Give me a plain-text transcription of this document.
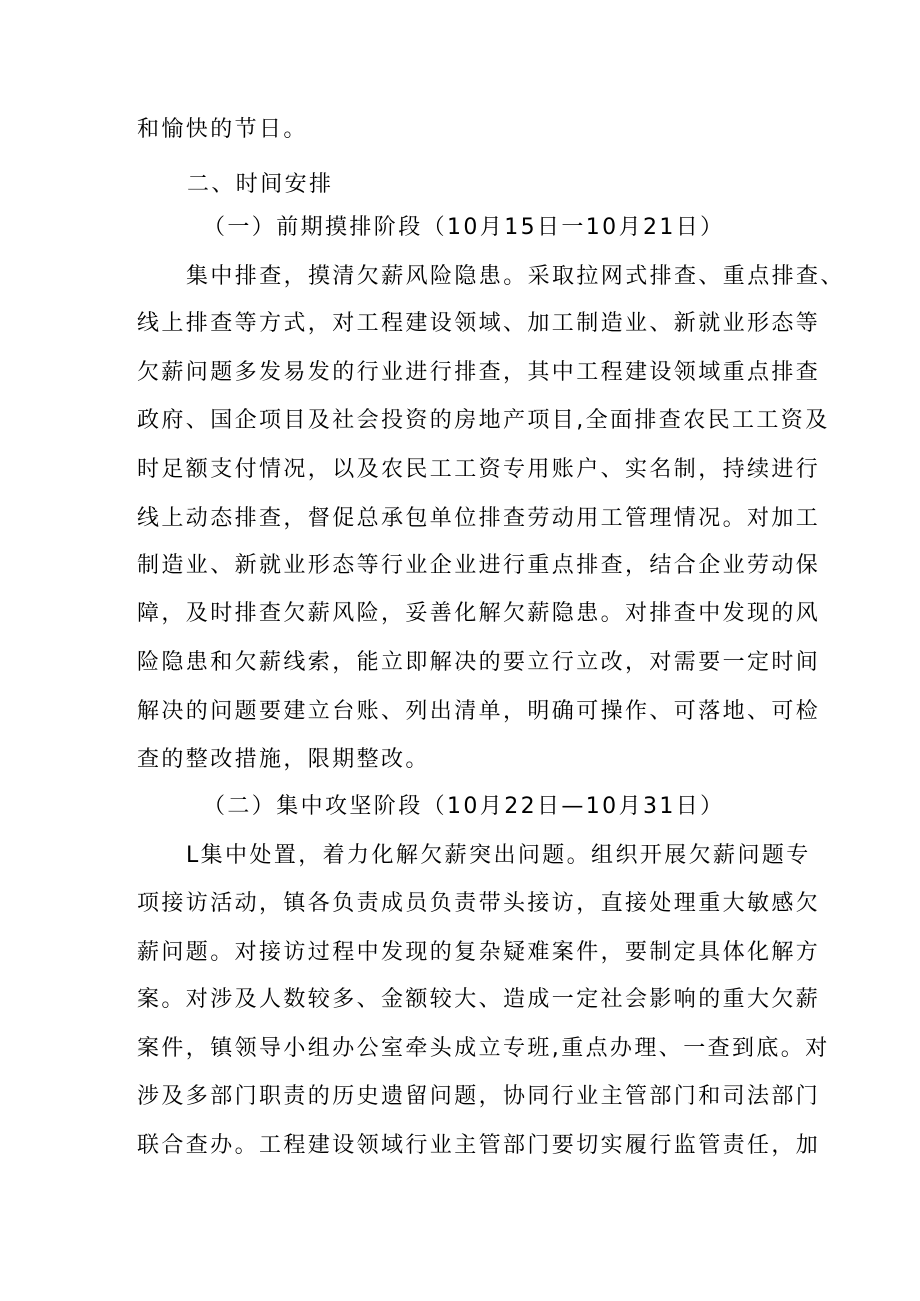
和愉快的节日。

二、时间安排

（一）前期摸排阶段（10月15日一10月21日）

集中排查，摸清欠薪风险隐患。采取拉网式排查、重点排查、

线上排查等方式，对工程建设领域、加工制造业、新就业形态等

欠薪问题多发易发的行业进行排查，其中工程建设领域重点排查

政府、国企项目及社会投资的房地产项目,全面排查农民工工资及

时足额支付情况，以及农民工工资专用账户、实名制，持续进行

线上动态排查，督促总承包单位排查劳动用工管理情况。对加工

制造业、新就业形态等行业企业进行重点排查，结合企业劳动保

障，及时排查欠薪风险，妥善化解欠薪隐患。对排查中发现的风

险隐患和欠薪线索，能立即解决的要立行立改，对需要一定时间

解决的问题要建立台账、列出清单，明确可操作、可落地、可检

查的整改措施，限期整改。

（二）集中攻坚阶段（10月22日—10月31日）

L集中处置，着力化解欠薪突出问题。组织开展欠薪问题专

项接访活动，镇各负责成员负责带头接访，直接处理重大敏感欠

薪问题。对接访过程中发现的复杂疑难案件，要制定具体化解方

案。对涉及人数较多、金额较大、造成一定社会影响的重大欠薪

案件，镇领导小组办公室牵头成立专班,重点办理、一查到底。对

涉及多部门职责的历史遗留问题，协同行业主管部门和司法部门

联合查办。工程建设领域行业主管部门要切实履行监管责任，加
